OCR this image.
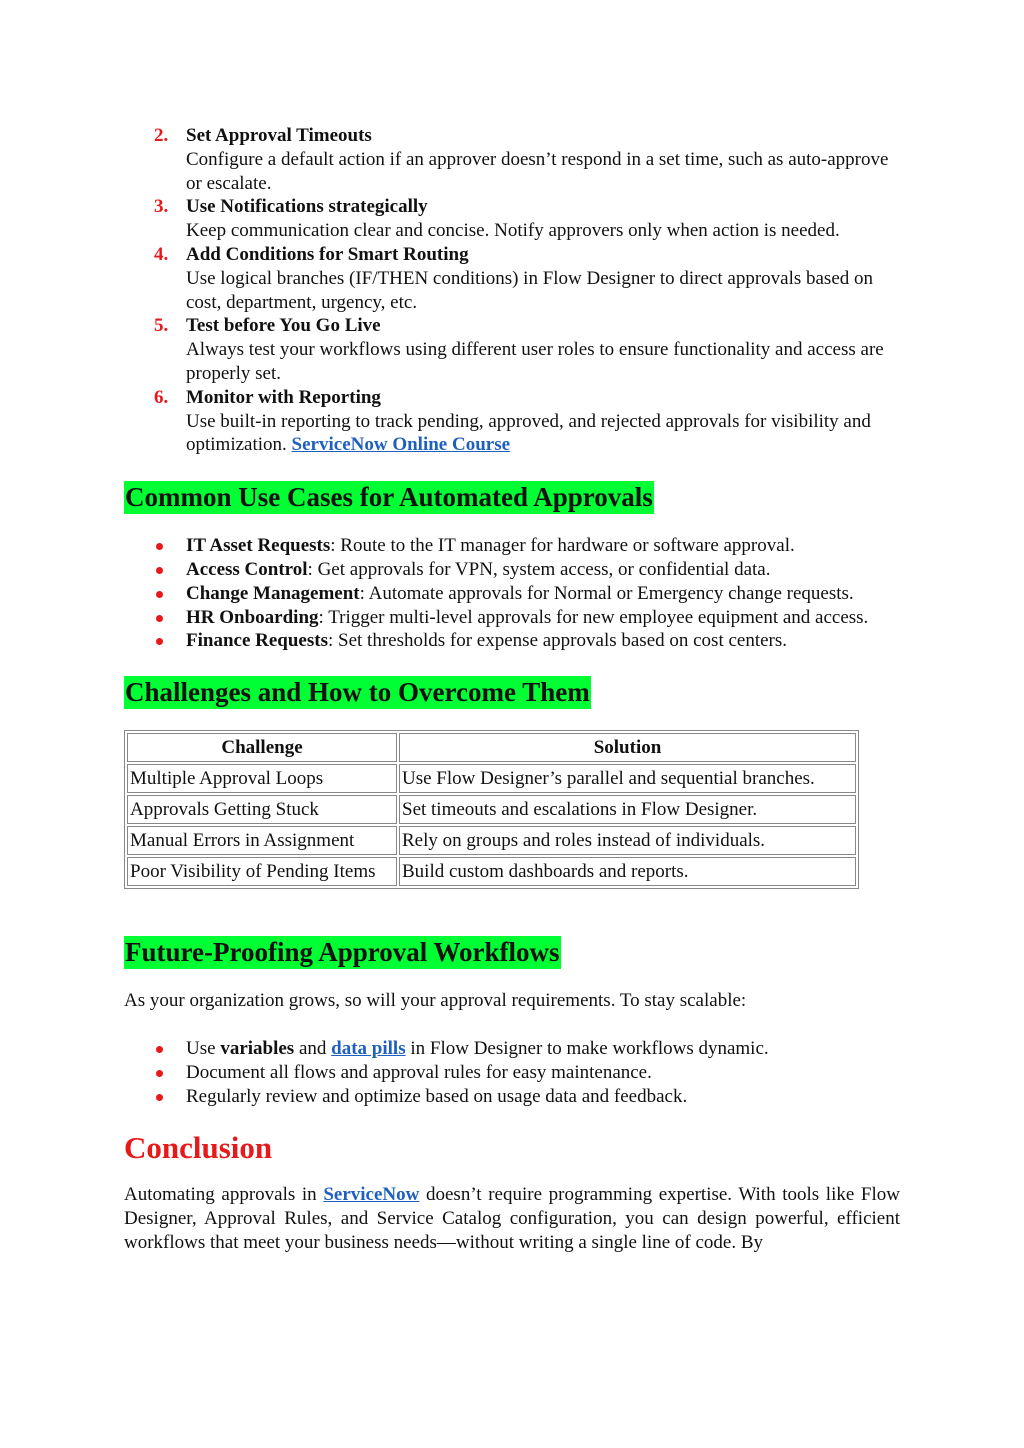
2. Set Approval Timeouts
Configure a default action if an approver doesn’t respond in a set time, such as auto-approve or escalate.
3. Use Notifications strategically
Keep communication clear and concise. Notify approvers only when action is needed.
4. Add Conditions for Smart Routing
Use logical branches (IF/THEN conditions) in Flow Designer to direct approvals based on cost, department, urgency, etc.
5. Test before You Go Live
Always test your workflows using different user roles to ensure functionality and access are properly set.
6. Monitor with Reporting
Use built-in reporting to track pending, approved, and rejected approvals for visibility and optimization. ServiceNow Online Course
Common Use Cases for Automated Approvals
IT Asset Requests: Route to the IT manager for hardware or software approval.
Access Control: Get approvals for VPN, system access, or confidential data.
Change Management: Automate approvals for Normal or Emergency change requests.
HR Onboarding: Trigger multi-level approvals for new employee equipment and access.
Finance Requests: Set thresholds for expense approvals based on cost centers.
Challenges and How to Overcome Them
Challenge	Solution
Multiple Approval Loops	Use Flow Designer’s parallel and sequential branches.
Approvals Getting Stuck	Set timeouts and escalations in Flow Designer.
Manual Errors in Assignment	Rely on groups and roles instead of individuals.
Poor Visibility of Pending Items	Build custom dashboards and reports.
Future-Proofing Approval Workflows

As your organization grows, so will your approval requirements. To stay scalable:

Use variables and data pills in Flow Designer to make workflows dynamic.
Document all flows and approval rules for easy maintenance.
Regularly review and optimize based on usage data and feedback.
Conclusion

Automating approvals in ServiceNow doesn’t require programming expertise. With tools like Flow Designer, Approval Rules, and Service Catalog configuration, you can design powerful, efficient workflows that meet your business needs—without writing a single line of code. By
